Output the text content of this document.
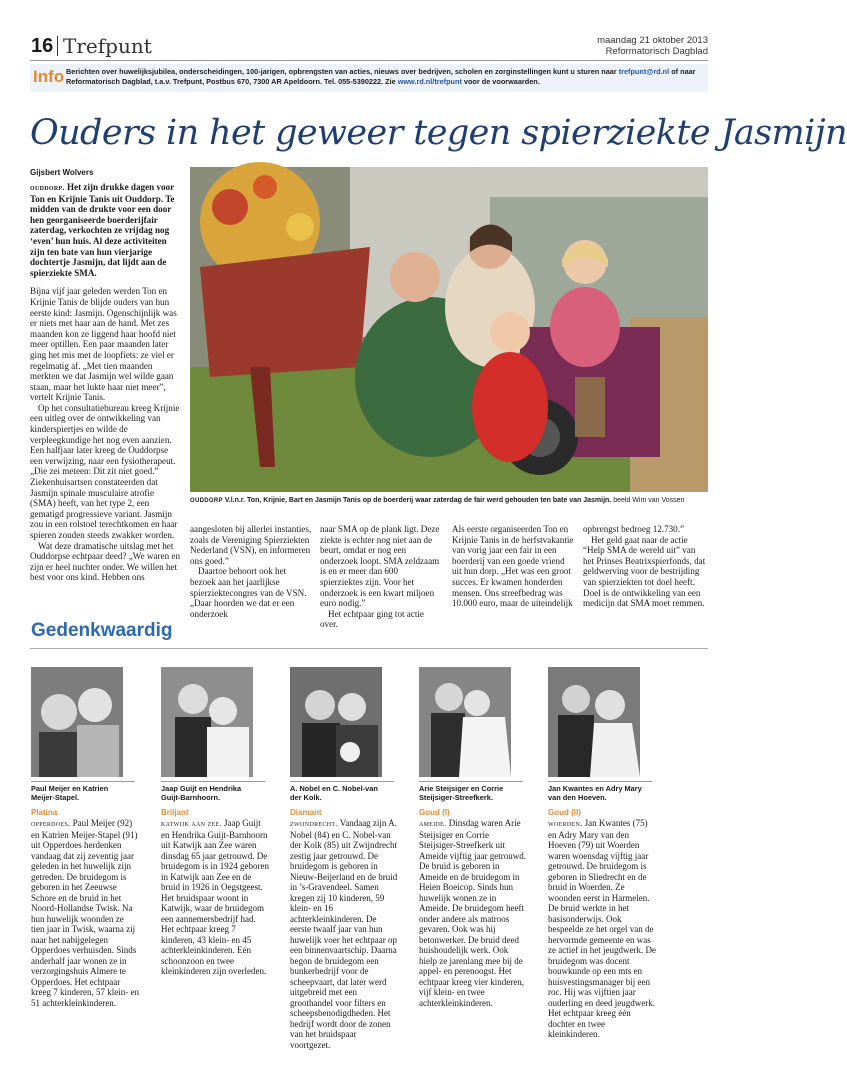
16 Trefpunt	maandag 21 oktober 2013
Reformatorisch Dagblad
Info Berichten over huwelijksjubilea, onderscheidingen, 100-jarigen, opbrengsten van acties, nieuws over bedrijven, scholen en zorginstellingen kunt u sturen naar trefpunt@rd.nl of naar Reformatorisch Dagblad, t.a.v. Trefpunt, Postbus 670, 7300 AR Apeldoorn. Tel. 055-5390222. Zie www.rd.nl/trefpunt voor de voorwaarden.
Ouders in het geweer tegen spierziekte Jasmijn
Gijsbert Wolvers

ouddorp. Het zijn drukke dagen voor Ton en Krijnie Tanis uit Ouddorp. Te midden van de drukte voor een door hen georganiseerde boerderijfair zaterdag, verkochten ze vrijdag nog ‘even’ hun huis. Al deze activiteiten zijn ten bate van hun vierjarige dochtertje Jasmijn, dat lijdt aan de spierziekte SMA.

Bijna vijf jaar geleden werden Ton en Krijnie Tanis de blijde ouders van hun eerste kind: Jasmijn. Ogenschijnlijk was er niets met haar aan de hand. Met zes maanden kon ze liggend haar hoofd niet meer optillen. Een paar maanden later ging het mis met de loopfiets: ze viel er regelmatig af. „Met tien maanden merkten we dat Jasmijn wel wilde gaan staan, maar het lukte haar niet meer”, vertelt Krijnie Tanis.

Op het consultatiebureau kreeg Krijnie een uitleg over de ontwikkeling van kinderspiertjes en wilde de verpleegkundige het nog even aanzien. Een halfjaar later kreeg de Ouddorpse een verwijzing, naar een fysiotherapeut. „Die zei meteen: Dit zit niet goed.” Ziekenhuisartsen constateerden dat Jasmijn spinale musculaire atrofie (SMA) heeft, van het type 2, een gematigd progressieve variant. Jasmijn zou in een rolstoel terechtkomen en haar spieren zouden steeds zwakker worden.

Wat deze dramatische uitslag met het Ouddorpse echtpaar deed? „We waren en zijn er heel nuchter onder. We willen het best voor ons kind. Hebben ons

ouddorp V.l.n.r. Ton, Krijnie, Bart en Jasmijn Tanis op de boerderij waar zaterdag de fair werd gehouden ten bate van Jasmijn. beeld Wim van Vossen

aangesloten bij allerlei instanties, zoals de Vereniging Spierziekten Nederland (VSN), en informeren ons goed.”

Daartoe behoort ook het bezoek aan het jaarlijkse spierziektecongres van de VSN. „Daar hoorden we dat er een onderzoek

naar SMA op de plank ligt. Deze ziekte is echter nog niet aan de beurt, omdat er nog een onderzoek loopt. SMA zeldzaam is en er meer dan 600 spierziektes zijn. Voor het onderzoek is een kwart miljoen euro nodig.”

Het echtpaar ging tot actie over.

Als eerste organiseerden Ton en Krijnie Tanis in de herfstvakantie van vorig jaar een fair in een boerderij van een goede vriend uit hun dorp. „Het was een groot succes. Er kwamen honderden mensen. Ons streefbedrag was 10.000 euro, maar de uiteindelijk

opbrengst bedroeg 12.730.”

Het geld gaat naar de actie “Help SMA de wereld uit” van het Prinses Beatrixspierfonds, dat geldwerving voor de bestrijding van spierziekten tot doel heeft. Doel is de ontwikkeling van een medicijn dat SMA moet remmen.

Gedenkwaardig
Paul Meijer en Katrien Meijer-Stapel.
Platina
opperdoes. Paul Meijer (92) en Katrien Meijer-Stapel (91) uit Opperdoes herdenken vandaag dat zij zeventig jaar geleden in het huwelijk zijn getreden. De bruidegom is geboren in het Zeeuwse Schore en de bruid in het Noord-Hollandse Twisk. Na hun huwelijk woonden ze tien jaar in Twisk, waarna zij naar het nabijgelegen Opperdoes verhuisden. Sinds anderhalf jaar wonen ze in verzorgingshuis Almere te Opperdoes. Het echtpaar kreeg 7 kinderen, 57 klein- en 51 achterkleinkinderen.
Jaap Guijt en Hendrika Guijt-Barnhoorn.
Briljant
katwijk aan zee. Jaap Guijt en Hendrika Guijt-Barnhoorn uit Katwijk aan Zee waren dinsdag 65 jaar getrouwd. De bruidegom is in 1924 geboren in Katwijk aan Zee en de bruid in 1926 in Oegstgeest. Het bruidspaar woont in Katwijk, waar de bruidegom een aannemersbedrijf had. Het echtpaar kreeg 7 kinderen, 43 klein- en 45 achterkleinkinderen. Eén schoonzoon en twee kleinkinderen zijn overleden.
A. Nobel en C. Nobel-van der Kolk.
Diamant
zwijndrecht. Vandaag zijn A. Nobel (84) en C. Nobel-van der Kolk (85) uit Zwijndrecht zestig jaar getrouwd. De bruidegom is geboren in Nieuw-Beijerland en de bruid in ’s-Gravendeel. Samen kregen zij 10 kinderen, 59 klein- en 16 achterkleinkinderen. De eerste twaalf jaar van hun huwelijk voer het echtpaar op een binnenvaartschip. Daarna begon de bruidegom een bunkerbedrijf voor de scheepvaart, dat later werd uitgebreid met een groothandel voor filters en scheepsbenodigdheden. Het bedrijf wordt door de zonen van het bruidspaar voortgezet.
Arie Steijsiger en Corrie Steijsiger-Streefkerk.
Goud (I)
ameide. Dinsdag waren Arie Steijsiger en Corrie Steijsiger-Streefkerk uit Ameide vijftig jaar getrouwd. De bruid is geboren in Ameide en de bruidegom in Heien Boeicop. Sinds hun huwelijk wonen ze in Ameide. De bruidegom heeft onder andere als matroos gevaren. Ook was hij betonwerker. De bruid deed huishoudelijk werk. Ook hielp ze jarenlang mee bij de appel- en perenoogst. Het echtpaar kreeg vier kinderen, vijf klein- en twee achterkleinkinderen.
Jan Kwantes en Adry Mary van den Hoeven.
Goud (II)
woerden. Jan Kwantes (75) en Adry Mary van den Hoeven (79) uit Woerden waren woensdag vijftig jaar getrouwd. De bruidegom is geboren in Sliedrecht en de bruid in Woerden. Ze woonden eerst in Harmelen. De bruid werkte in het basisonderwijs. Ook bespeelde ze het orgel van de hervormde gemeente en was ze actief in het jeugdwerk. De bruidegom was docent bouwkunde op een mts en huisvestingsmanager bij een roc. Hij was vijftien jaar ouderling en deed jeugdwerk. Het echtpaar kreeg één dochter en twee kleinkinderen.
